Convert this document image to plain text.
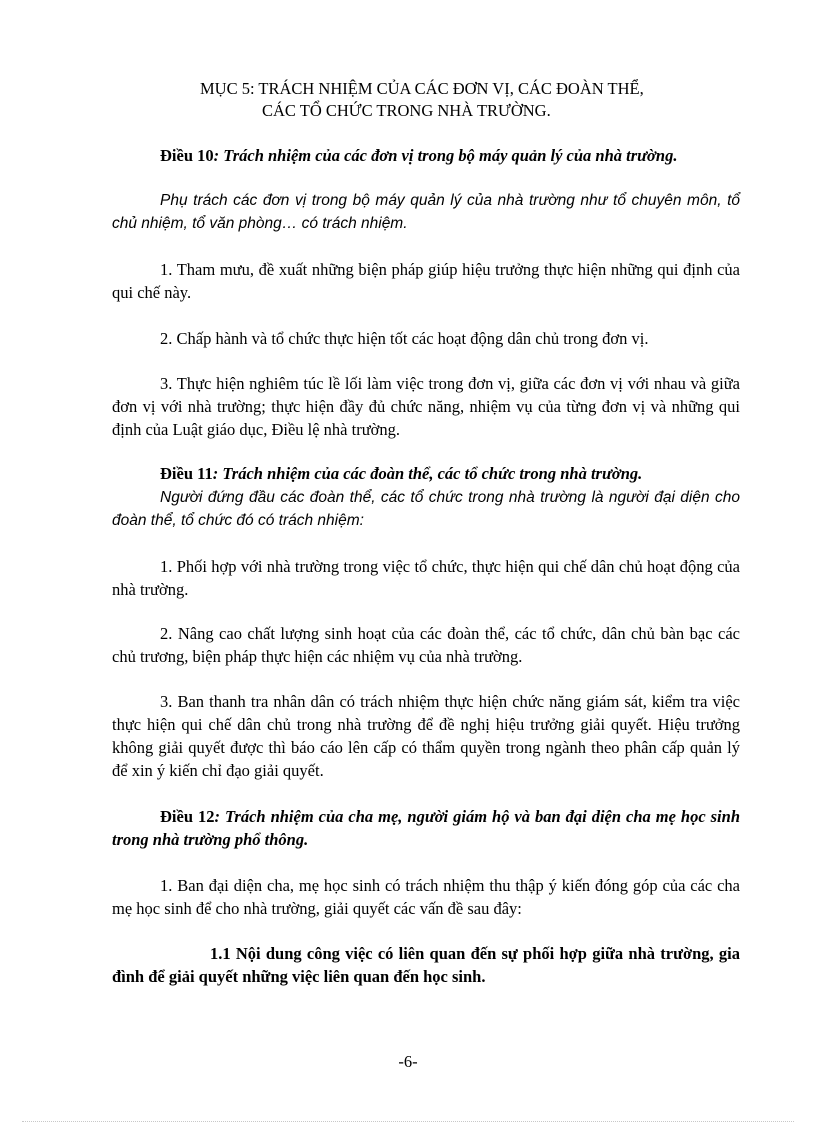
MỤC 5: TRÁCH NHIỆM CỦA CÁC ĐƠN VỊ, CÁC ĐOÀN THỂ,
CÁC TỔ CHỨC TRONG NHÀ TRƯỜNG.
Điều 10: Trách nhiệm của các đơn vị trong bộ máy quản lý của nhà trường.
Phụ trách các đơn vị trong bộ máy quản lý của nhà trường như tổ chuyên môn, tổ chủ nhiệm, tổ văn phòng… có trách nhiệm.
1. Tham mưu, đề xuất những biện pháp giúp hiệu trưởng thực hiện những qui định của qui chế này.
2. Chấp hành và tổ chức thực hiện tốt các hoạt động dân chủ trong đơn vị.
3. Thực hiện nghiêm túc lề lối làm việc trong đơn vị, giữa các đơn vị với nhau và giữa đơn vị với nhà trường; thực hiện đầy đủ chức năng, nhiệm vụ của từng đơn vị và những qui định của Luật giáo dục, Điều lệ nhà trường.
Điều 11: Trách nhiệm của các đoàn thể, các tổ chức trong nhà trường.
Người đứng đầu các đoàn thể, các tổ chức trong nhà trường là người đại diện cho đoàn thể, tổ chức đó có trách nhiệm:
1. Phối hợp với nhà trường trong việc tổ chức, thực hiện qui chế dân chủ hoạt động của nhà trường.
2. Nâng cao chất lượng sinh hoạt của các đoàn thể, các tổ chức, dân chủ bàn bạc các chủ trương, biện pháp thực hiện các nhiệm vụ của nhà trường.
3. Ban thanh tra nhân dân có trách nhiệm thực hiện chức năng giám sát, kiểm tra việc thực hiện qui chế dân chủ trong nhà trường để đề nghị hiệu trưởng giải quyết. Hiệu trưởng không giải quyết được thì báo cáo lên cấp có thẩm quyền trong ngành theo phân cấp quản lý để xin ý kiến chỉ đạo giải quyết.
Điều 12: Trách nhiệm của cha mẹ, người giám hộ và ban đại diện cha mẹ học sinh trong nhà trường phổ thông.
1. Ban đại diện cha, mẹ học sinh có trách nhiệm thu thập ý kiến đóng góp của các cha mẹ học sinh để cho nhà trường, giải quyết các vấn đề sau đây:
1.1 Nội dung công việc có liên quan đến sự phối hợp giữa nhà trường, gia đình để giải quyết những việc liên quan đến học sinh.
-6-
